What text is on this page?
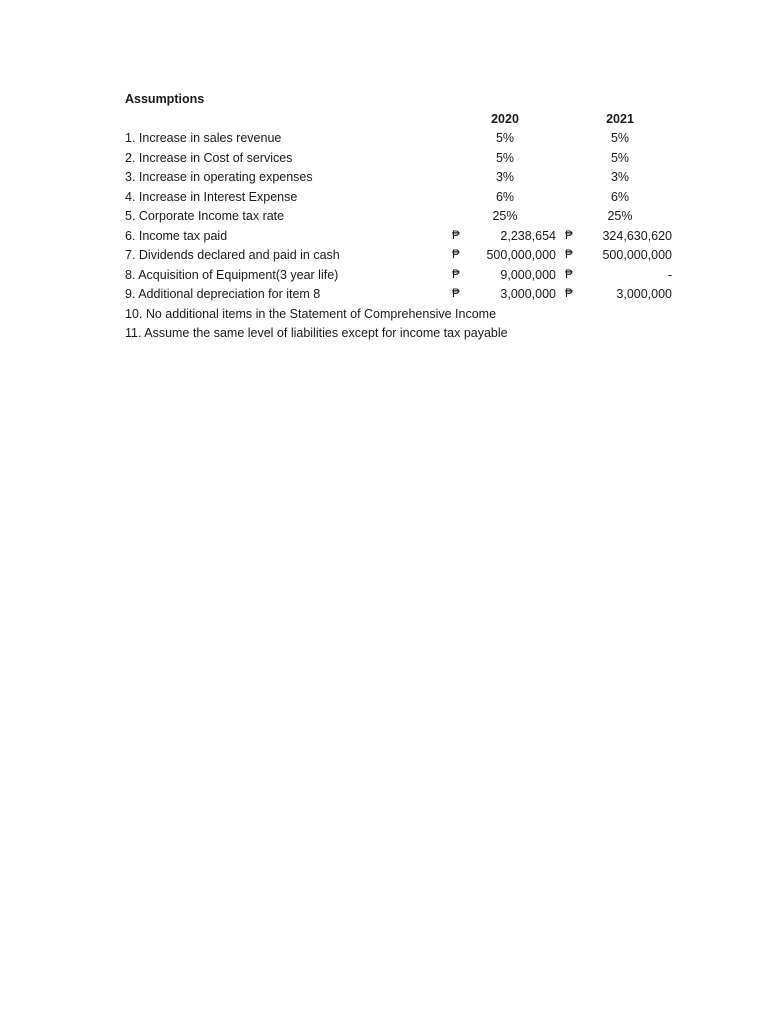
Assumptions
2020	2021
1. Increase in sales revenue	5%	5%
2. Increase in Cost of services	5%	5%
3. Increase in operating expenses	3%	3%
4. Increase in Interest Expense	6%	6%
5. Corporate Income tax rate	25%	25%
6. Income tax paid	₱	2,238,654 ₱	324,630,620
7. Dividends declared and paid in cash	₱	500,000,000 ₱	500,000,000
8. Acquisition of Equipment(3 year life)	₱	9,000,000 ₱	-
9. Additional depreciation for item 8	₱	3,000,000 ₱	3,000,000
10. No additional items in the Statement of Comprehensive Income
11. Assume the same level of liabilities except for income tax payable
